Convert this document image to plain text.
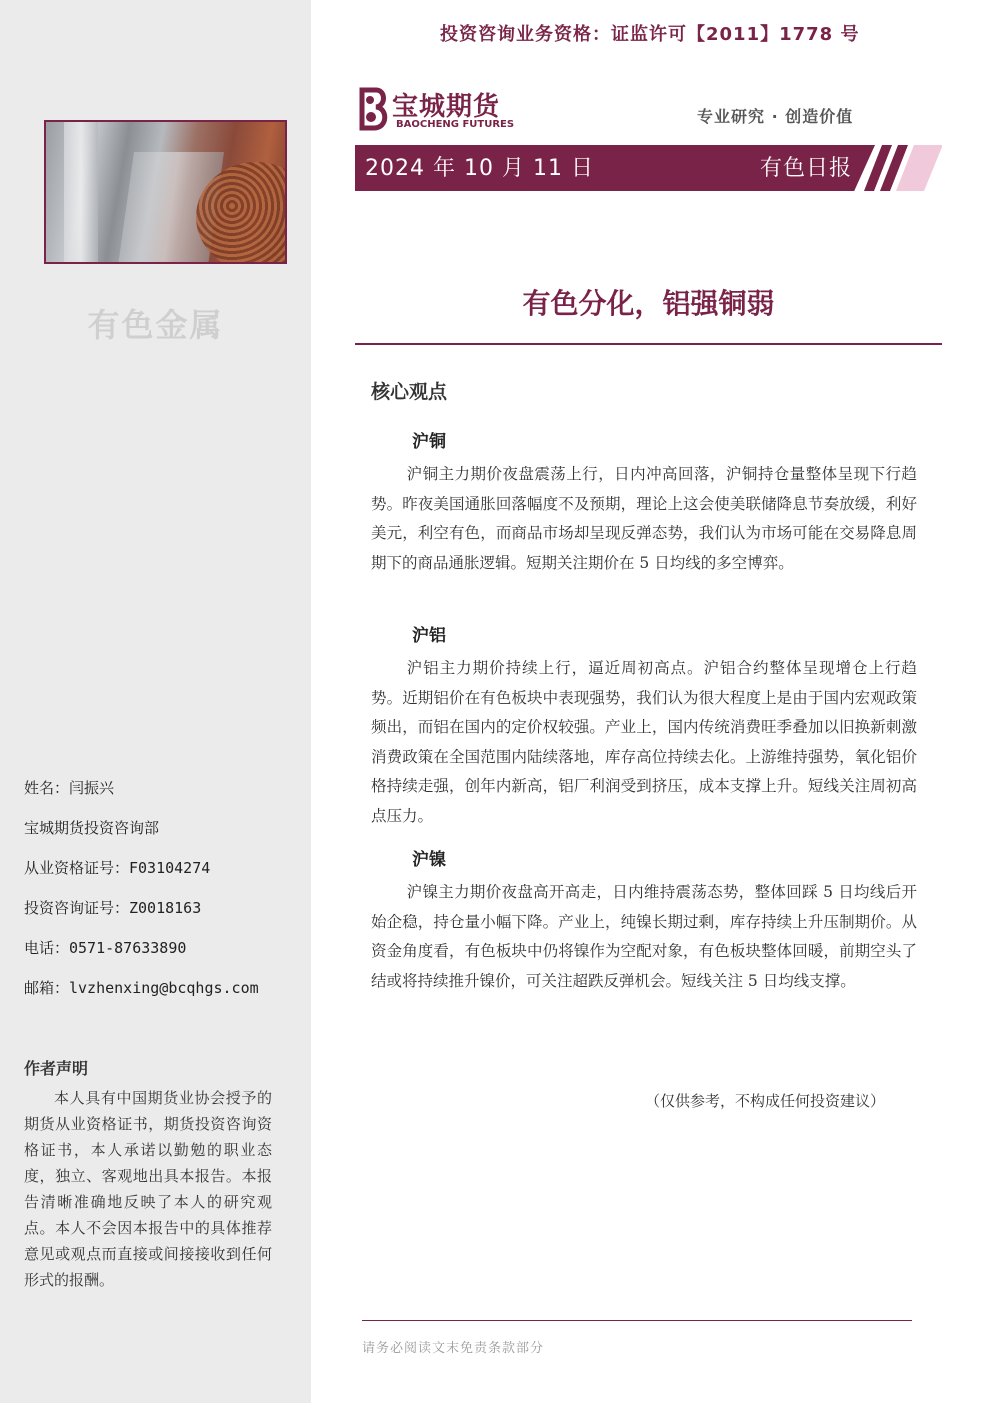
有色金属
姓名：闫振兴
宝城期货投资咨询部
从业资格证号：F03104274
投资咨询证号：Z0018163
电话：0571-87633890
邮箱：lvzhenxing@bcqhgs.com
作者声明
本人具有中国期货业协会授予的期货从业资格证书，期货投资咨询资格证书，本人承诺以勤勉的职业态度，独立、客观地出具本报告。本报告清晰准确地反映了本人的研究观点。本人不会因本报告中的具体推荐意见或观点而直接或间接接收到任何形式的报酬。
投资咨询业务资格：证监许可【2011】1778 号
宝城期货
BAOCHENG FUTURES	专业研究 · 创造价值
2024 年 10 月 11 日	有色日报
有色分化，铝强铜弱
核心观点
沪铜

沪铜主力期价夜盘震荡上行，日内冲高回落，沪铜持仓量整体呈现下行趋势。昨夜美国通胀回落幅度不及预期，理论上这会使美联储降息节奏放缓，利好美元，利空有色，而商品市场却呈现反弹态势，我们认为市场可能在交易降息周期下的商品通胀逻辑。短期关注期价在 5 日均线的多空博弈。

沪铝

沪铝主力期价持续上行，逼近周初高点。沪铝合约整体呈现增仓上行趋势。近期铝价在有色板块中表现强势，我们认为很大程度上是由于国内宏观政策频出，而铝在国内的定价权较强。产业上，国内传统消费旺季叠加以旧换新刺激消费政策在全国范围内陆续落地，库存高位持续去化。上游维持强势，氧化铝价格持续走强，创年内新高，铝厂利润受到挤压，成本支撑上升。短线关注周初高点压力。

沪镍

沪镍主力期价夜盘高开高走，日内维持震荡态势，整体回踩 5 日均线后开始企稳，持仓量小幅下降。产业上，纯镍长期过剩，库存持续上升压制期价。从资金角度看，有色板块中仍将镍作为空配对象，有色板块整体回暖，前期空头了结或将持续推升镍价，可关注超跌反弹机会。短线关注 5 日均线支撑。

（仅供参考，不构成任何投资建议）
请务必阅读文末免责条款部分
